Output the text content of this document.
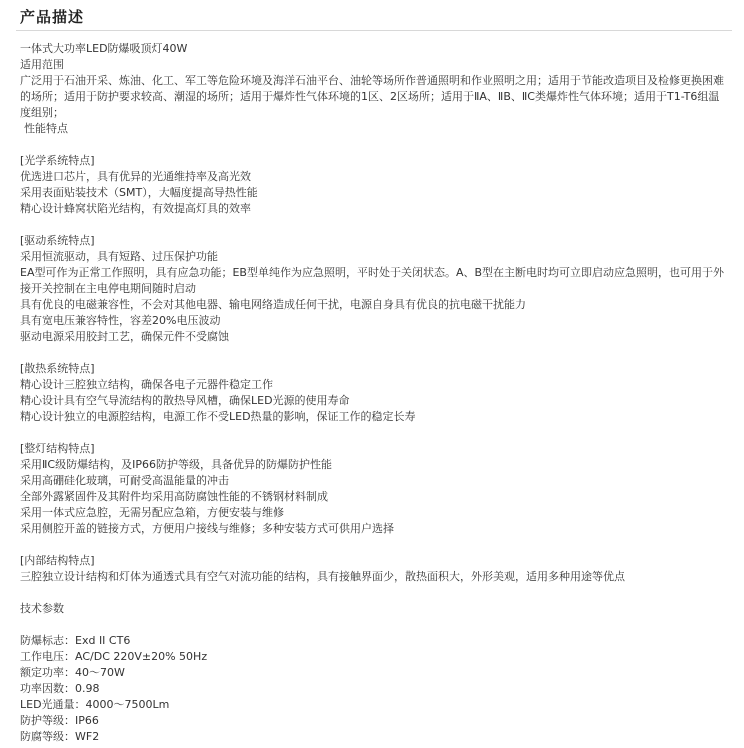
产品描述
一体式大功率LED防爆吸顶灯40W
适用范围
广泛用于石油开采、炼油、化工、军工等危险环境及海洋石油平台、油轮等场所作普通照明和作业照明之用；适用于节能改造项目及检修更换困难的场所；适用于防护要求较高、潮湿的场所；适用于爆炸性气体环境的1区、2区场所；适用于ⅡA、ⅡB、ⅡC类爆炸性气体环境；适用于T1-T6组温度组别；
性能特点
[光学系统特点]
优选进口芯片，具有优异的光通维持率及高光效
采用表面贴装技术（SMT），大幅度提高导热性能
精心设计蜂窝状陷光结构，有效提高灯具的效率
[驱动系统特点]
采用恒流驱动，具有短路、过压保护功能
EA型可作为正常工作照明，具有应急功能；EB型单纯作为应急照明，平时处于关闭状态。A、B型在主断电时均可立即启动应急照明，也可用于外接开关控制在主电停电期间随时启动
具有优良的电磁兼容性，不会对其他电器、输电网络造成任何干扰，电源自身具有优良的抗电磁干扰能力
具有宽电压兼容特性，容差20%电压波动
驱动电源采用胶封工艺，确保元件不受腐蚀
[散热系统特点]
精心设计三腔独立结构，确保各电子元器件稳定工作
精心设计具有空气导流结构的散热导风槽，确保LED光源的使用寿命
精心设计独立的电源腔结构，电源工作不受LED热量的影响，保证工作的稳定长寿
[整灯结构特点]
采用ⅡC级防爆结构，及IP66防护等级，具备优异的防爆防护性能
采用高硼硅化玻璃，可耐受高温能量的冲击
全部外露紧固件及其附件均采用高防腐蚀性能的不锈钢材料制成
采用一体式应急腔，无需另配应急箱，方便安装与维修
采用侧腔开盖的链接方式，方便用户接线与维修；多种安装方式可供用户选择
[内部结构特点]
三腔独立设计结构和灯体为通透式具有空气对流功能的结构，具有接触界面少，散热面积大，外形美观，适用多种用途等优点
技术参数
防爆标志：Exd II CT6
工作电压：AC/DC 220V±20% 50Hz
额定功率：40～70W
功率因数：0.98
LED光通量：4000～7500Lm
防护等级：IP66
防腐等级：WF2
